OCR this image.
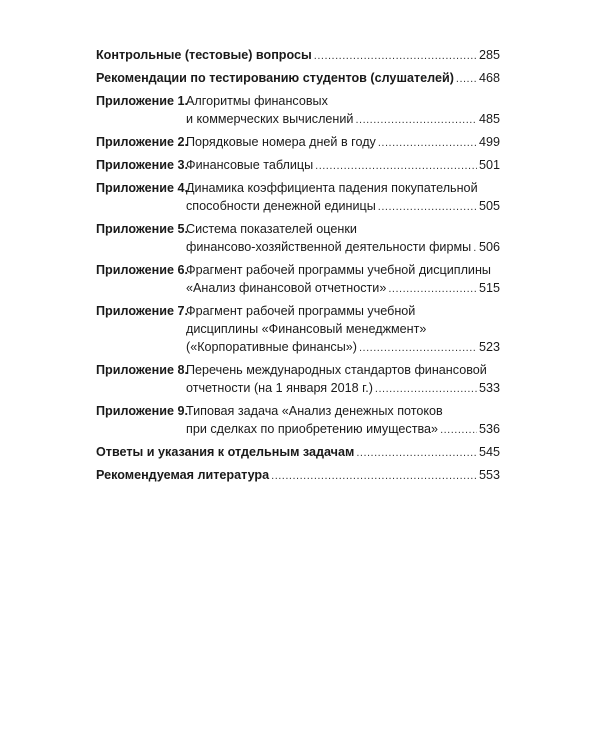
Контрольные (тестовые) вопросы .....	285
Рекомендации по тестированию студентов (слушателей) ..... 468
Приложение 1.
Алгоритмы финансовых
и коммерческих вычислений .....	485
Приложение 2.
Порядковые номера дней в году .....	499
Приложение 3.
Финансовые таблицы .....	501
Приложение 4.
Динамика коэффициента падения покупательной
способности денежной единицы .....	505
Приложение 5.
Система показателей оценки
финансово-хозяйственной деятельности фирмы ..... 506
Приложение 6.
Фрагмент рабочей программы учебной дисциплины
«Анализ финансовой отчетности» .....	515
Приложение 7.
Фрагмент рабочей программы учебной
дисциплины «Финансовый менеджмент»
(«Корпоративные финансы») .....	523
Приложение 8.
Перечень международных стандартов финансовой
отчетности (на 1 января 2018 г.) .....	533
Приложение 9.
Типовая задача «Анализ денежных потоков
при сделках по приобретению имущества» .....	536
Ответы и указания к отдельным задачам .....	545
Рекомендуемая литература .....	553
